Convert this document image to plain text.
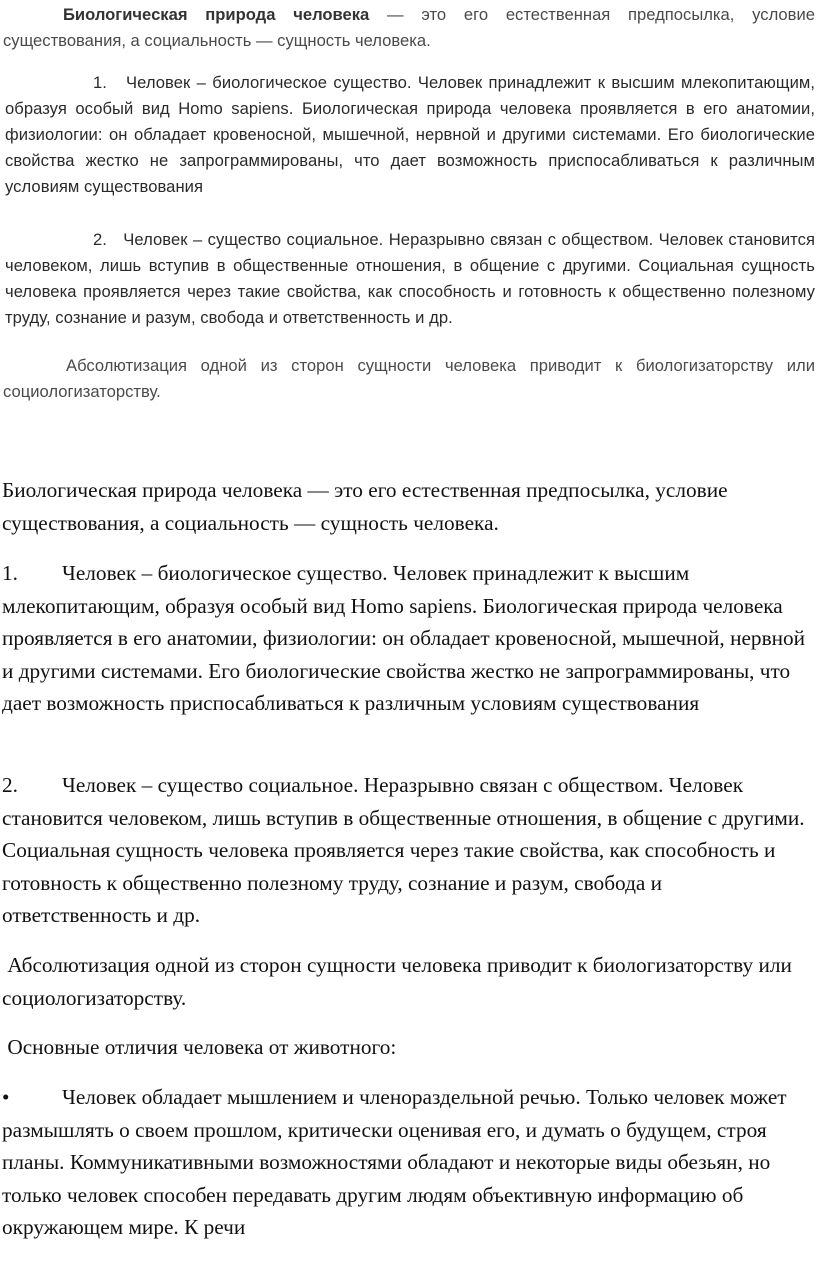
Биологическая природа человека — это его естественная предпосылка, условие существования, а социальность — сущность человека.

1. Человек – биологическое существо. Человек принадлежит к высшим млекопитающим, образуя особый вид Homo sapiens. Биологическая природа человека проявляется в его анатомии, физиологии: он обладает кровеносной, мышечной, нервной и другими системами. Его биологические свойства жестко не запрограммированы, что дает возможность приспосабливаться к различным условиям существования

2. Человек – существо социальное. Неразрывно связан с обществом. Человек становится человеком, лишь вступив в общественные отношения, в общение с другими. Социальная сущность человека проявляется через такие свойства, как способность и готовность к общественно полезному труду, сознание и разум, свобода и ответственность и др.

Абсолютизация одной из сторон сущности человека приводит к биологизаторству или социологизаторству.

Биологическая природа человека — это его естественная предпосылка, условие существования, а социальность — сущность человека.

1. Человек – биологическое существо. Человек принадлежит к высшим млекопитающим, образуя особый вид Homo sapiens. Биологическая природа человека проявляется в его анатомии, физиологии: он обладает кровеносной, мышечной, нервной и другими системами. Его биологические свойства жестко не запрограммированы, что дает возможность приспосабливаться к различным условиям существования

2. Человек – существо социальное. Неразрывно связан с обществом. Человек становится человеком, лишь вступив в общественные отношения, в общение с другими. Социальная сущность человека проявляется через такие свойства, как способность и готовность к общественно полезному труду, сознание и разум, свобода и ответственность и др.

Абсолютизация одной из сторон сущности человека приводит к биологизаторству или социологизаторству.

Основные отличия человека от животного:

• Человек обладает мышлением и членораздельной речью. Только человек может размышлять о своем прошлом, критически оценивая его, и думать о будущем, строя планы. Коммуникативными возможностями обладают и некоторые виды обезьян, но только человек способен передавать другим людям объективную информацию об окружающем мире. К речи
